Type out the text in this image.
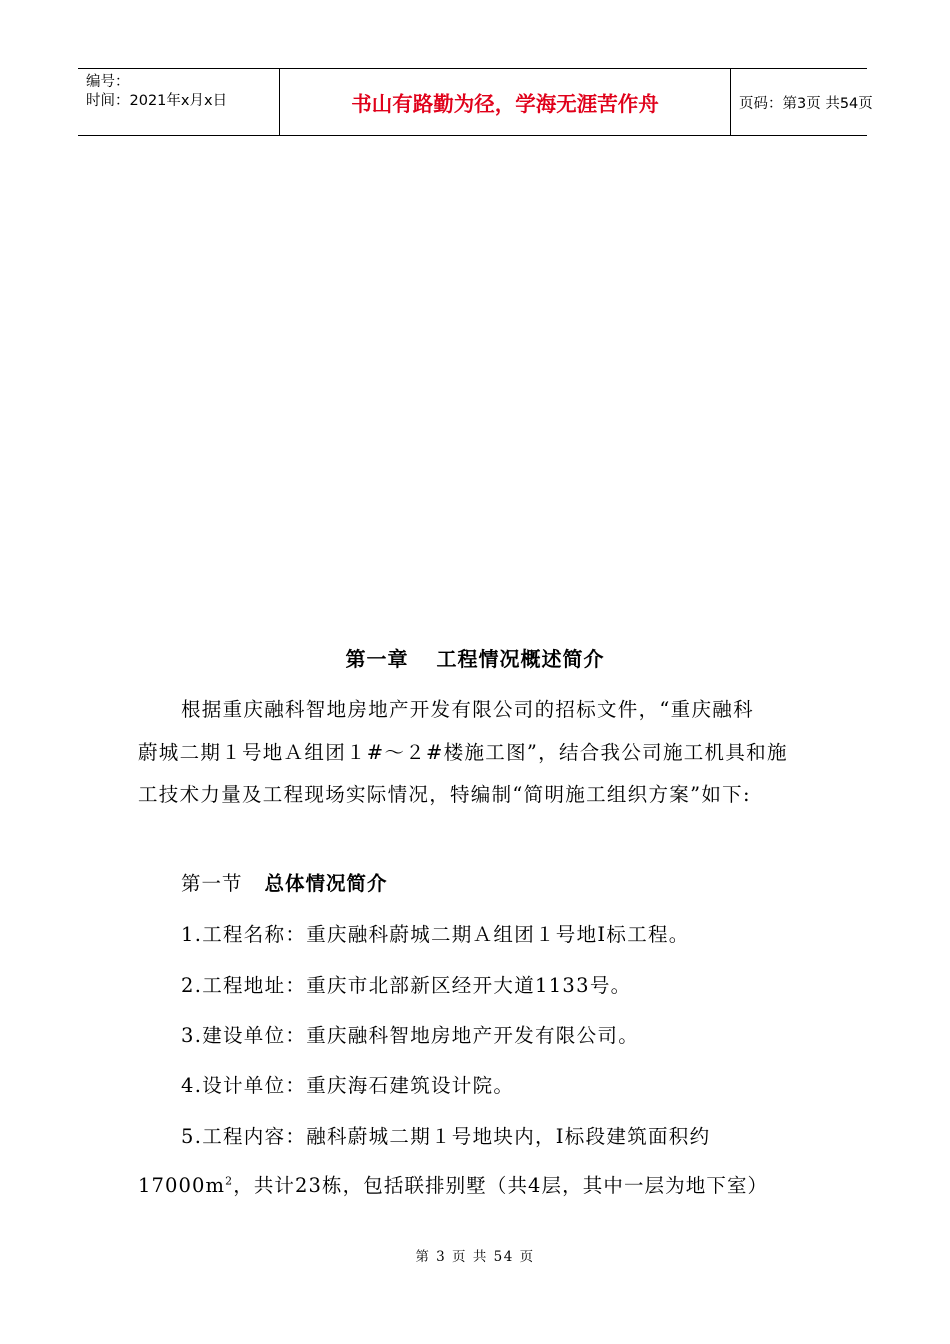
编号：
时间：2021年x月x日	书山有路勤为径，学海无涯苦作舟	页码：第3页 共54页
第一章 工程情况概述简介
根据重庆融科智地房地产开发有限公司的招标文件，“重庆融科
蔚城二期１号地Ａ组团１#～２#楼施工图”，结合我公司施工机具和施
工技术力量及工程现场实际情况，特编制“简明施工组织方案”如下:
第一节 总体情况简介
1.工程名称：重庆融科蔚城二期Ａ组团１号地Ⅰ标工程。
2.工程地址：重庆市北部新区经开大道1133号。
3.建设单位：重庆融科智地房地产开发有限公司。
4.设计单位：重庆海石建筑设计院。
5.工程内容：融科蔚城二期１号地块内，Ⅰ标段建筑面积约
$17000m^2$，共计23栋，包括联排别墅（共4层，其中一层为地下室）
第 3 页 共 54 页
